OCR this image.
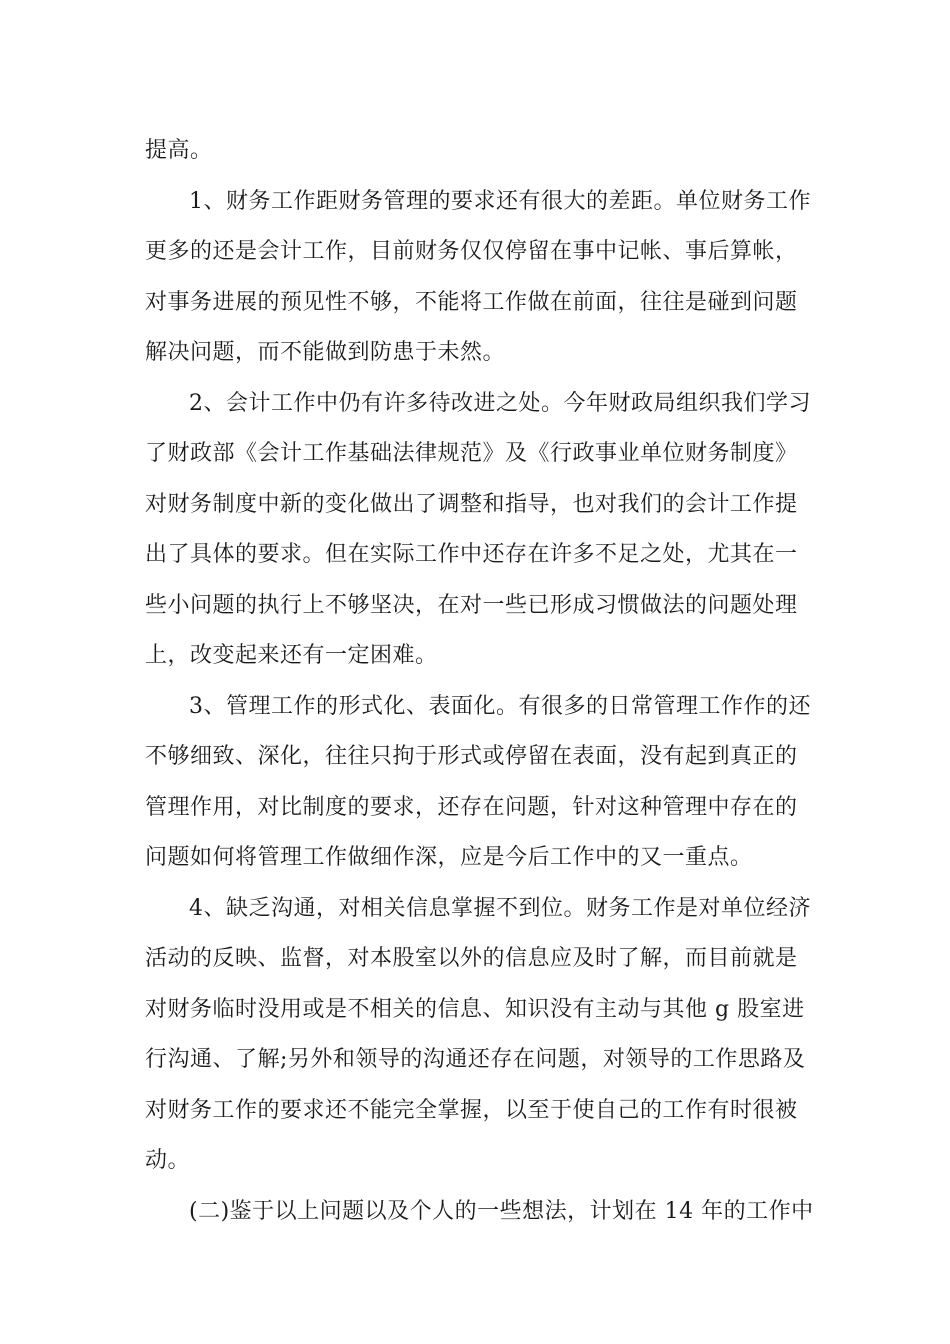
提高。
1、财务工作距财务管理的要求还有很大的差距。单位财务工作
更多的还是会计工作，目前财务仅仅停留在事中记帐、事后算帐，
对事务进展的预见性不够，不能将工作做在前面，往往是碰到问题
解决问题，而不能做到防患于未然。
2、会计工作中仍有许多待改进之处。今年财政局组织我们学习
了财政部《会计工作基础法律规范》及《行政事业单位财务制度》
对财务制度中新的变化做出了调整和指导，也对我们的会计工作提
出了具体的要求。但在实际工作中还存在许多不足之处，尤其在一
些小问题的执行上不够坚决，在对一些已形成习惯做法的问题处理
上，改变起来还有一定困难。
3、管理工作的形式化、表面化。有很多的日常管理工作作的还
不够细致、深化，往往只拘于形式或停留在表面，没有起到真正的
管理作用，对比制度的要求，还存在问题，针对这种管理中存在的
问题如何将管理工作做细作深，应是今后工作中的又一重点。
4、缺乏沟通，对相关信息掌握不到位。财务工作是对单位经济
活动的反映、监督，对本股室以外的信息应及时了解，而目前就是
对财务临时没用或是不相关的信息、知识没有主动与其他 g 股室进
行沟通、了解;另外和领导的沟通还存在问题，对领导的工作思路及
对财务工作的要求还不能完全掌握，以至于使自己的工作有时很被
动。
(二)鉴于以上问题以及个人的一些想法，计划在 14 年的工作中
